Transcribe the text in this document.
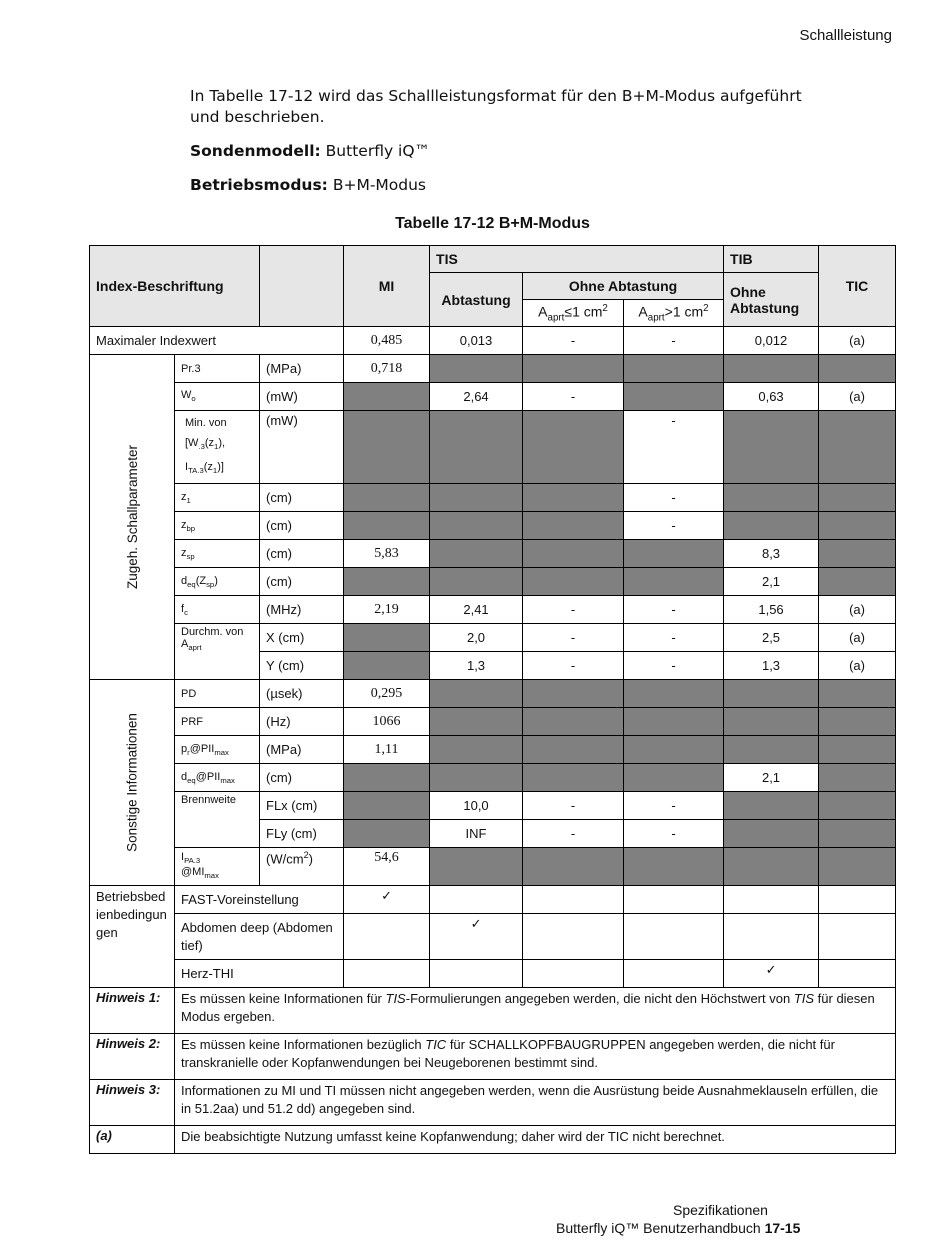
Schallleistung

In Tabelle 17-12 wird das Schallleistungsformat für den B+M-Modus aufgeführt und beschrieben.

Sondenmodell: Butterfly iQ™

Betriebsmodus: B+M-Modus

Tabelle 17-12 B+M-Modus
Index-Beschriftung			MI	TIS			TIB	TIC
				Abtastung	Ohne Abtastung		Ohne Abtastung	
					$A_{aprt}\le 1$ $cm^2$	$A_{aprt}>1$ $cm^2$
Maximaler Indexwert			0,485	0,013	-	-	0,012	(a)

Zugeh. Schallparameter	Pr.3	(MPa)	0,718					
	$W_o$	(mW)		2,64	-		0,63	(a)
	Min. von
[$W_{.3}(z_1)$,
$I_{TA.3}(z_1)$]	(mW)				-		
	$z_1$	(cm)				-		
	$z_{bp}$	(cm)				-		
	$z_{sp}$	(cm)	5,83				8,3	
	$d_{eq}(Z_{sp})$	(cm)					2,1	
	$f_c$	(MHz)	2,19	2,41	-	-	1,56	(a)
	Durchm. von $A_{aprt}$	X (cm)		2,0	-	-	2,5	(a)
		Y (cm)		1,3	-	-	1,3	(a)

Sonstige Informationen	PD	(µsek)	0,295					
	PRF	(Hz)	1066					
	$p_r@PII_{max}$	(MPa)	1,11					
	$d_{eq}@PII_{max}$	(cm)					2,1	
	Brennweite	FLx (cm)		10,0	-	-		
		FLy (cm)		INF	-	-		
	$I_{PA.3}$
$@MI_{max}$	$(W/cm^2)$	54,6					
Betriebsbedienbedingungen	FAST-Voreinstellung		✓					
	Abdomen deep (Abdomen tief)			✓				
	Herz-THI						✓	
Hinweis 1:	Es müssen keine Informationen für TIS-Formulierungen angegeben werden, die nicht den Höchstwert von TIS für diesen Modus ergeben.							
Hinweis 2:	Es müssen keine Informationen bezüglich TIC für SCHALLKOPFBAUGRUPPEN angegeben werden, die nicht für transkranielle oder Kopfanwendungen bei Neugeborenen bestimmt sind.							
Hinweis 3:	Informationen zu MI und TI müssen nicht angegeben werden, wenn die Ausrüstung beide Ausnahmeklauseln erfüllen, die in 51.2aa) und 51.2 dd) angegeben sind.							
(a)	Die beabsichtigte Nutzung umfasst keine Kopfanwendung; daher wird der TIC nicht berechnet.							
Spezifikationen
Butterfly iQ™ Benutzerhandbuch 17-15
